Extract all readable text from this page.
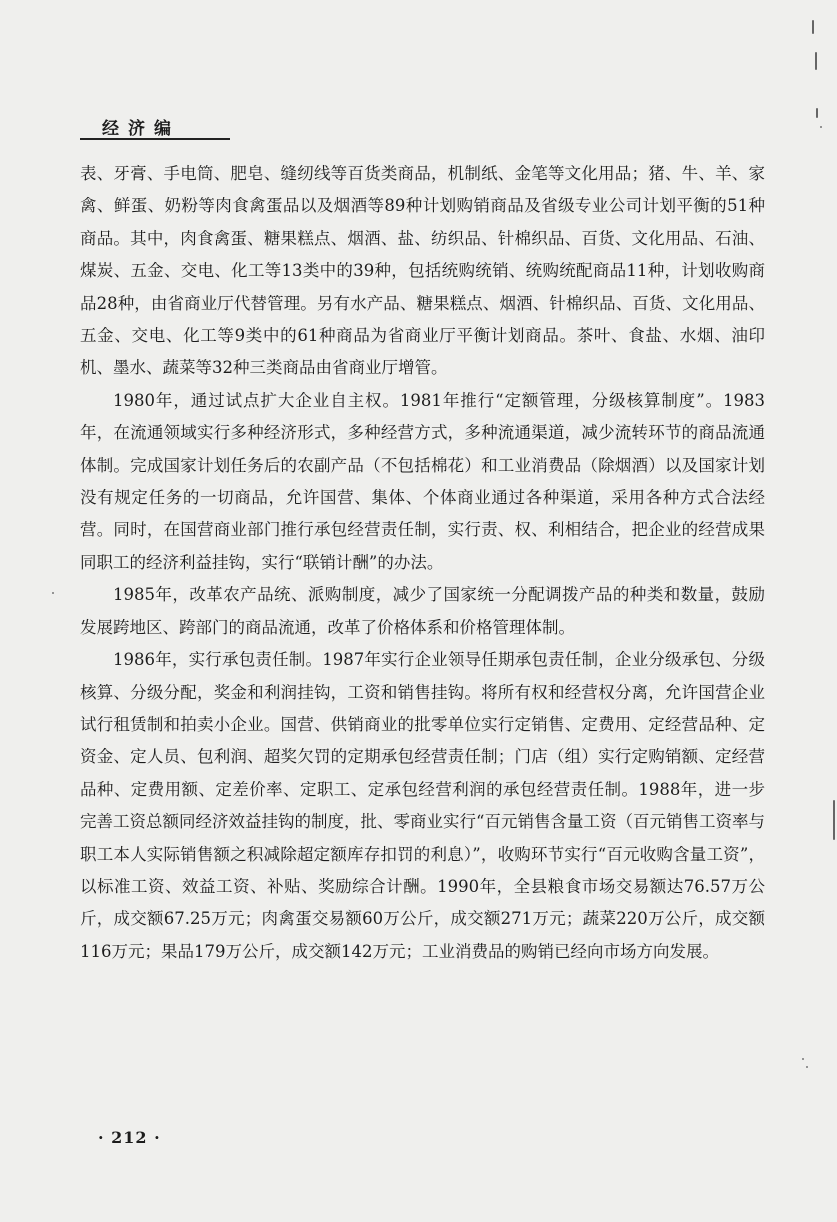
经济编

表、牙膏、手电筒、肥皂、缝纫线等百货类商品，机制纸、金笔等文化用品；猪、牛、羊、家禽、鲜蛋、奶粉等肉食禽蛋品以及烟酒等89种计划购销商品及省级专业公司计划平衡的51种商品。其中，肉食禽蛋、糖果糕点、烟酒、盐、纺织品、针棉织品、百货、文化用品、石油、煤炭、五金、交电、化工等13类中的39种，包括统购统销、统购统配商品11种，计划收购商品28种，由省商业厅代替管理。另有水产品、糖果糕点、烟酒、针棉织品、百货、文化用品、五金、交电、化工等9类中的61种商品为省商业厅平衡计划商品。茶叶、食盐、水烟、油印机、墨水、蔬菜等32种三类商品由省商业厅增管。

1980年，通过试点扩大企业自主权。1981年推行“定额管理，分级核算制度”。1983年，在流通领域实行多种经济形式，多种经营方式，多种流通渠道，减少流转环节的商品流通体制。完成国家计划任务后的农副产品（不包括棉花）和工业消费品（除烟酒）以及国家计划没有规定任务的一切商品，允许国营、集体、个体商业通过各种渠道，采用各种方式合法经营。同时，在国营商业部门推行承包经营责任制，实行责、权、利相结合，把企业的经营成果同职工的经济利益挂钩，实行“联销计酬”的办法。

1985年，改革农产品统、派购制度，减少了国家统一分配调拨产品的种类和数量，鼓励发展跨地区、跨部门的商品流通，改革了价格体系和价格管理体制。

1986年，实行承包责任制。1987年实行企业领导任期承包责任制，企业分级承包、分级核算、分级分配，奖金和利润挂钩，工资和销售挂钩。将所有权和经营权分离，允许国营企业试行租赁制和拍卖小企业。国营、供销商业的批零单位实行定销售、定费用、定经营品种、定资金、定人员、包利润、超奖欠罚的定期承包经营责任制；门店（组）实行定购销额、定经营品种、定费用额、定差价率、定职工、定承包经营利润的承包经营责任制。1988年，进一步完善工资总额同经济效益挂钩的制度，批、零商业实行“百元销售含量工资（百元销售工资率与职工本人实际销售额之积减除超定额库存扣罚的利息）”，收购环节实行“百元收购含量工资”，以标准工资、效益工资、补贴、奖励综合计酬。1990年，全县粮食市场交易额达76.57万公斤，成交额67.25万元；肉禽蛋交易额60万公斤，成交额271万元；蔬菜220万公斤，成交额116万元；果品179万公斤，成交额142万元；工业消费品的购销已经向市场方向发展。

· 212 ·
